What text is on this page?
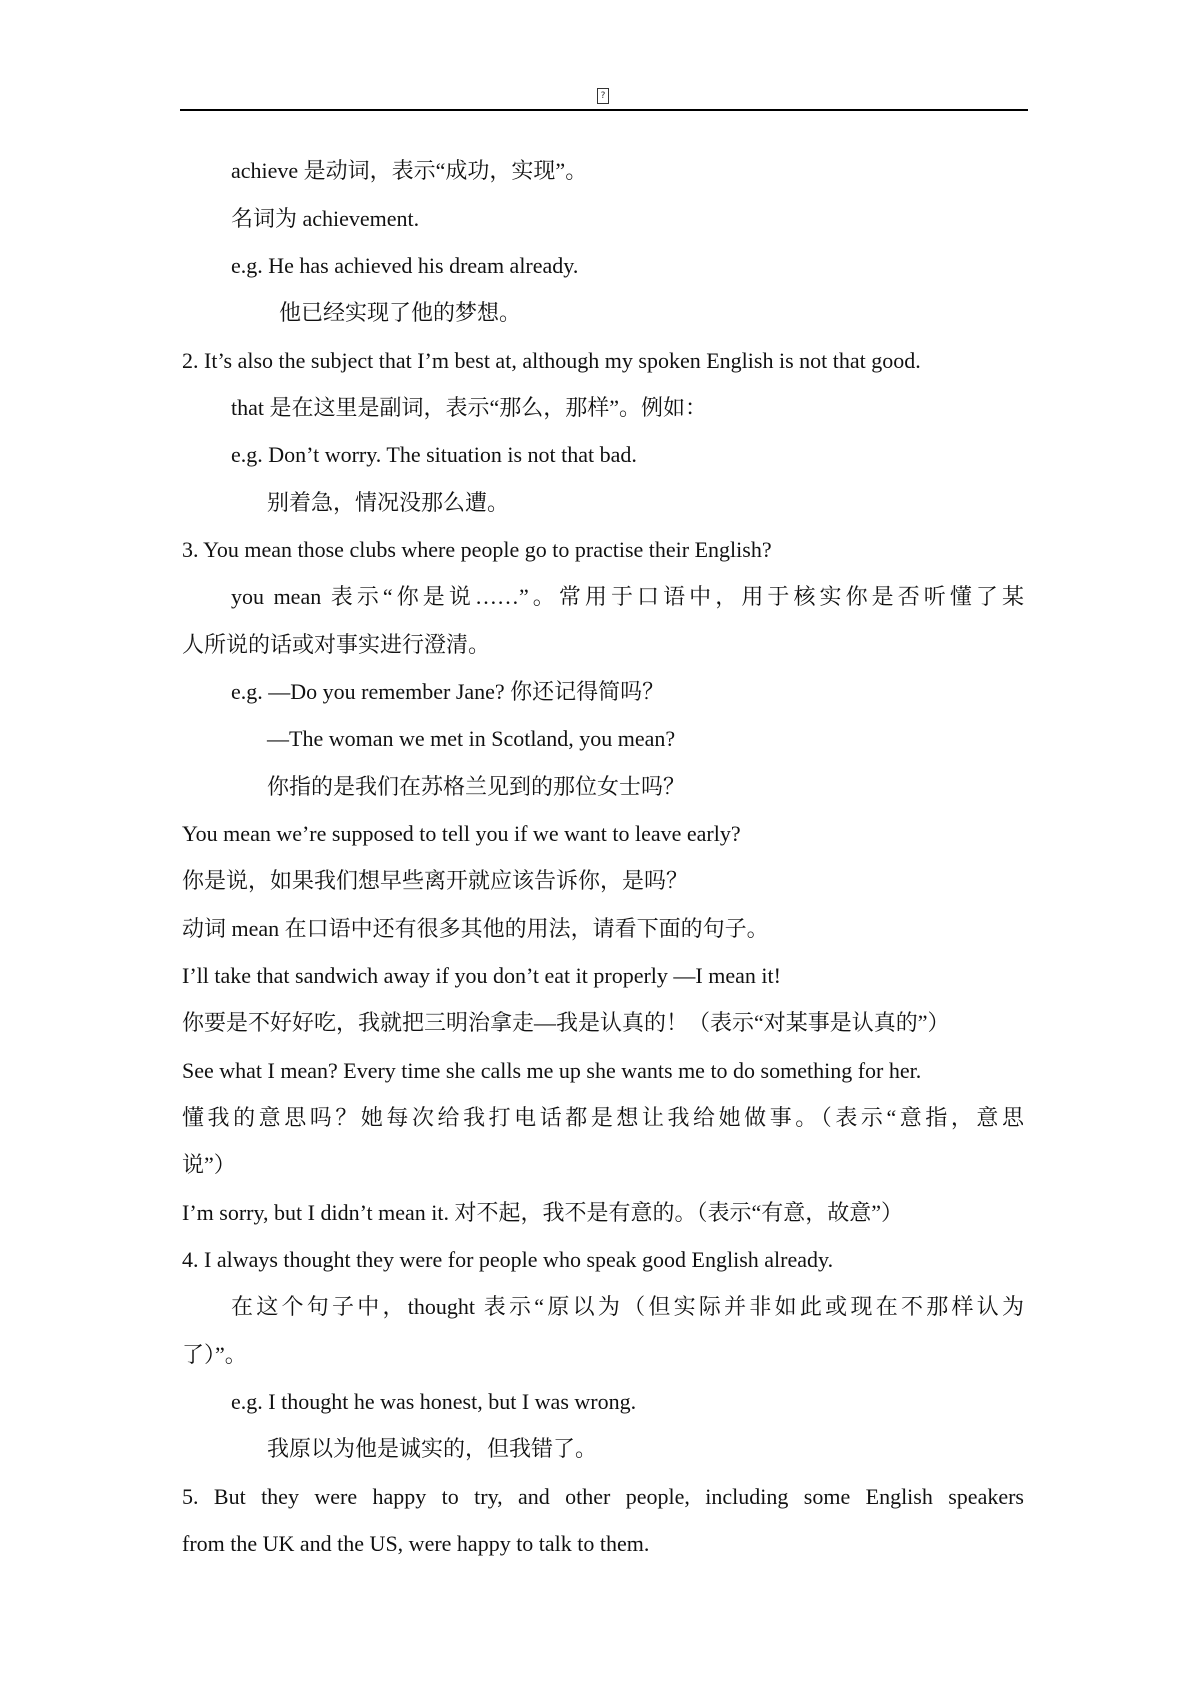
?
achieve 是动词，表示“成功，实现”。
名词为 achievement.
e.g. He has achieved his dream already.
他已经实现了他的梦想。
2. It’s also the subject that I’m best at, although my spoken English is not that good.
that 是在这里是副词，表示“那么，那样”。例如：
e.g. Don’t worry. The situation is not that bad.
别着急，情况没那么遭。
3. You mean those clubs where people go to practise their English?
you mean 表示“你是说……”。常用于口语中，用于核实你是否听懂了某
人所说的话或对事实进行澄清。
e.g. —Do you remember Jane? 你还记得简吗？
—The woman we met in Scotland, you mean?
你指的是我们在苏格兰见到的那位女士吗？
You mean we’re supposed to tell you if we want to leave early?
你是说，如果我们想早些离开就应该告诉你，是吗？
动词 mean 在口语中还有很多其他的用法，请看下面的句子。
I’ll take that sandwich away if you don’t eat it properly —I mean it!
你要是不好好吃，我就把三明治拿走—我是认真的！（表示“对某事是认真的”）
See what I mean? Every time she calls me up she wants me to do something for her.
懂我的意思吗？她每次给我打电话都是想让我给她做事。（表示“意指，意思
说”）
I’m sorry, but I didn’t mean it. 对不起，我不是有意的。（表示“有意，故意”）
4. I always thought they were for people who speak good English already.
在这个句子中，thought 表示“原以为（但实际并非如此或现在不那样认为
了）”。
e.g. I thought he was honest, but I was wrong.
我原以为他是诚实的，但我错了。
5. But they were happy to try, and other people, including some English speakers
from the UK and the US, were happy to talk to them.
